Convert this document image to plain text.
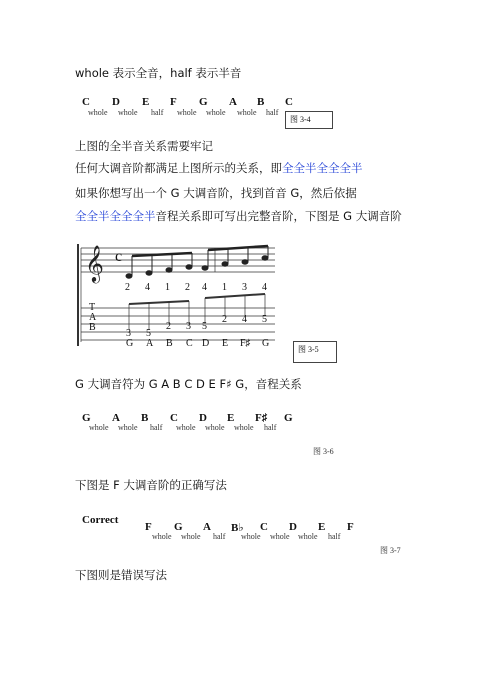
whole 表示全音，half 表示半音
C D E F G A B C
whole whole half whole whole whole half
图 3-4
上图的全半音关系需要牢记
任何大调音阶都满足上图所示的关系，即全全半全全全半
如果你想写出一个 G 大调音阶，找到首音 G，然后依据
全全半全全全半音程关系即可写出完整音阶，下图是 G 大调音阶
𝄞 c
2 4 1 2 4 1 3 4
T
A
B
2 4 5
2 3 5
3 5
G A B C D E F♯ G
图 3-5
G 大调音符为 G A B C D E F♯ G，音程关系
G A B C D E F♯ G
whole whole half whole whole whole half
图 3-6
下图是 F 大调音阶的正确写法
Correct
F G A B♭ C D E F
whole whole half whole whole whole half
图 3-7
下图则是错误写法
